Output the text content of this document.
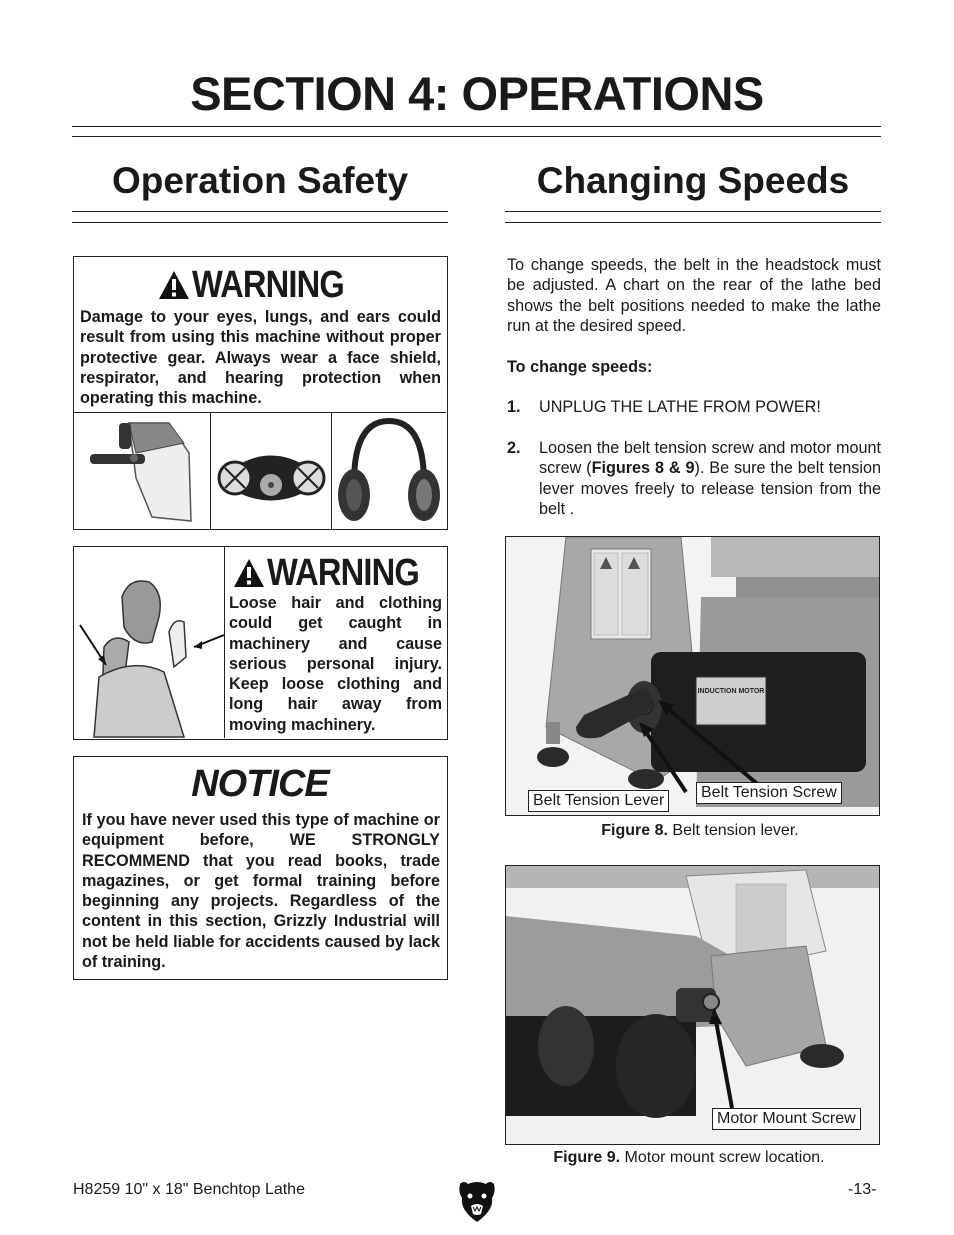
SECTION 4: OPERATIONS
Operation Safety	Changing Speeds
WARNING
Damage to your eyes, lungs, and ears could result from using this machine without proper protective gear. Always wear a face shield, respirator, and hearing protection when operating this machine.
WARNING
Loose hair and clothing could get caught in machinery and cause serious personal injury. Keep loose clothing and long hair away from moving machinery.
NOTICE
If you have never used this type of machine or equipment before, WE STRONGLY RECOMMEND that you read books, trade magazines, or get formal training before beginning any projects. Regardless of the content in this section, Grizzly Industrial will not be held liable for accidents caused by lack of training.
To change speeds, the belt in the headstock must be adjusted. A chart on the rear of the lathe bed shows the belt positions needed to make the lathe run at the desired speed.
To change speeds:
1.	UNPLUG THE LATHE FROM POWER!
2.	Loosen the belt tension screw and motor mount screw (Figures 8 & 9). Be sure the belt tension lever moves freely to release tension from the belt .
INDUCTION MOTOR
Belt Tension Lever	Belt Tension Screw
Figure 8. Belt tension lever.
Motor Mount Screw
Figure 9. Motor mount screw location.
H8259 10" x 18" Benchtop Lathe	-13-
